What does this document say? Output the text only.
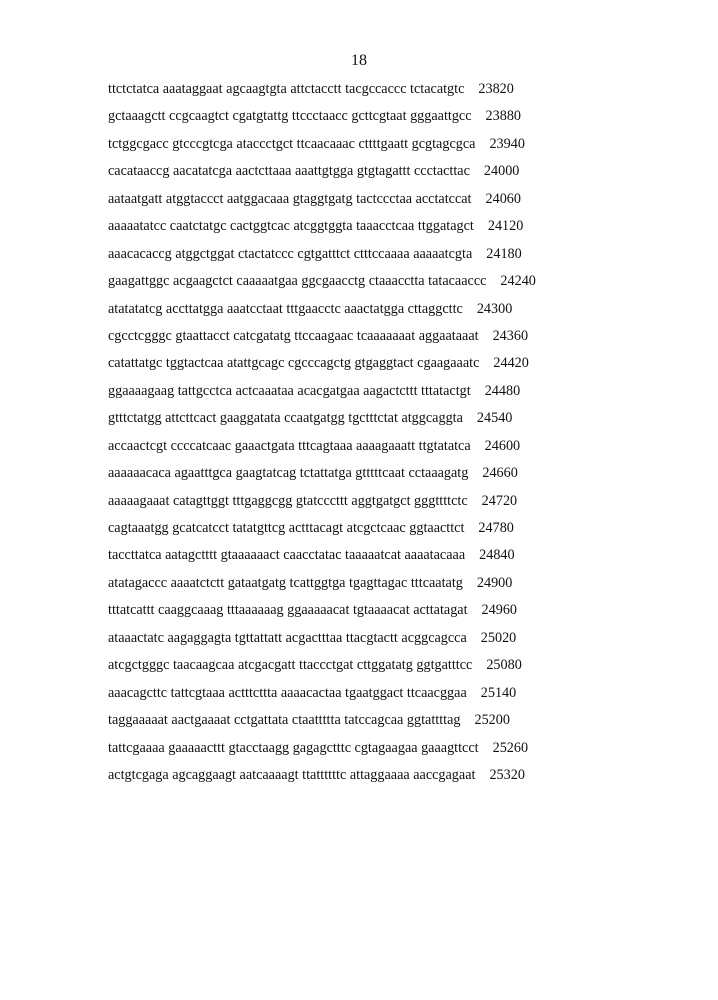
18
ttctctatca aaataggaat agcaagtgta attctacctt tacgccaccc tctacatgtc 23820
gctaaagctt ccgcaagtct cgatgtattg ttccctaacc gcttcgtaat gggaattgcc 23880
tctggcgacc gtcccgtcga ataccctgct ttcaacaaac cttttgaatt gcgtagcgca 23940
cacataaccg aacatatcga aactcttaaa aaattgtgga gtgtagattt ccctacttac 24000
aataatgatt atggtaccct aatggacaaa gtaggtgatg tactccctaa acctatccat 24060
aaaaatatcc caatctatgc cactggtcac atcggtggta taaacctcaa ttggatagct 24120
aaacacaccg atggctggat ctactatccc cgtgatttct ctttccaaaa aaaaatcgta 24180
gaagattggc acgaagctct caaaaatgaa ggcgaacctg ctaaacctta tatacaaccc 24240
atatatatcg accttatgga aaatcctaat tttgaacctc aaactatgga cttaggcttc 24300
cgcctcgggc gtaattacct catcgatatg ttccaagaac tcaaaaaaat aggaataaat 24360
catattatgc tggtactcaa atattgcagc cgcccagctg gtgaggtact cgaagaaatc 24420
ggaaaagaag tattgcctca actcaaataa acacgatgaa aagactcttt tttatactgt 24480
gtttctatgg attcttcact gaaggatata ccaatgatgg tgctttctat atggcaggta 24540
accaactcgt ccccatcaac gaaactgata tttcagtaaa aaaagaaatt ttgtatatca 24600
aaaaaacaca agaatttgca gaagtatcag tctattatga gtttttcaat cctaaagatg 24660
aaaaagaaat catagttggt tttgaggcgg gtatcccttt aggtgatgct gggttttctc 24720
cagtaaatgg gcatcatcct tatatgttcg actttacagt atcgctcaac ggtaacttct 24780
taccttatca aatagctttt gtaaaaaact caacctatac taaaaatcat aaaatacaaa 24840
atatagaccc aaaatctctt gataatgatg tcattggtga tgagttagac tttcaatatg 24900
tttatcattt caaggcaaag tttaaaaaag ggaaaaacat tgtaaaacat acttatagat 24960
ataaactatc aagaggagta tgttattatt acgactttaa ttacgtactt acggcagcca 25020
atcgctgggc taacaagcaa atcgacgatt ttaccctgat cttggatatg ggtgatttcc 25080
aaacagcttc tattcgtaaa actttcttta aaaacactaa tgaatggact ttcaacggaa 25140
taggaaaaat aactgaaaat cctgattata ctaattttta tatccagcaa ggtattttag 25200
tattcgaaaa gaaaaacttt gtacctaagg gagagctttc cgtagaagaa gaaagttcct 25260
actgtcgaga agcaggaagt aatcaaaagt ttattttttc attaggaaaa aaccgagaat 25320
